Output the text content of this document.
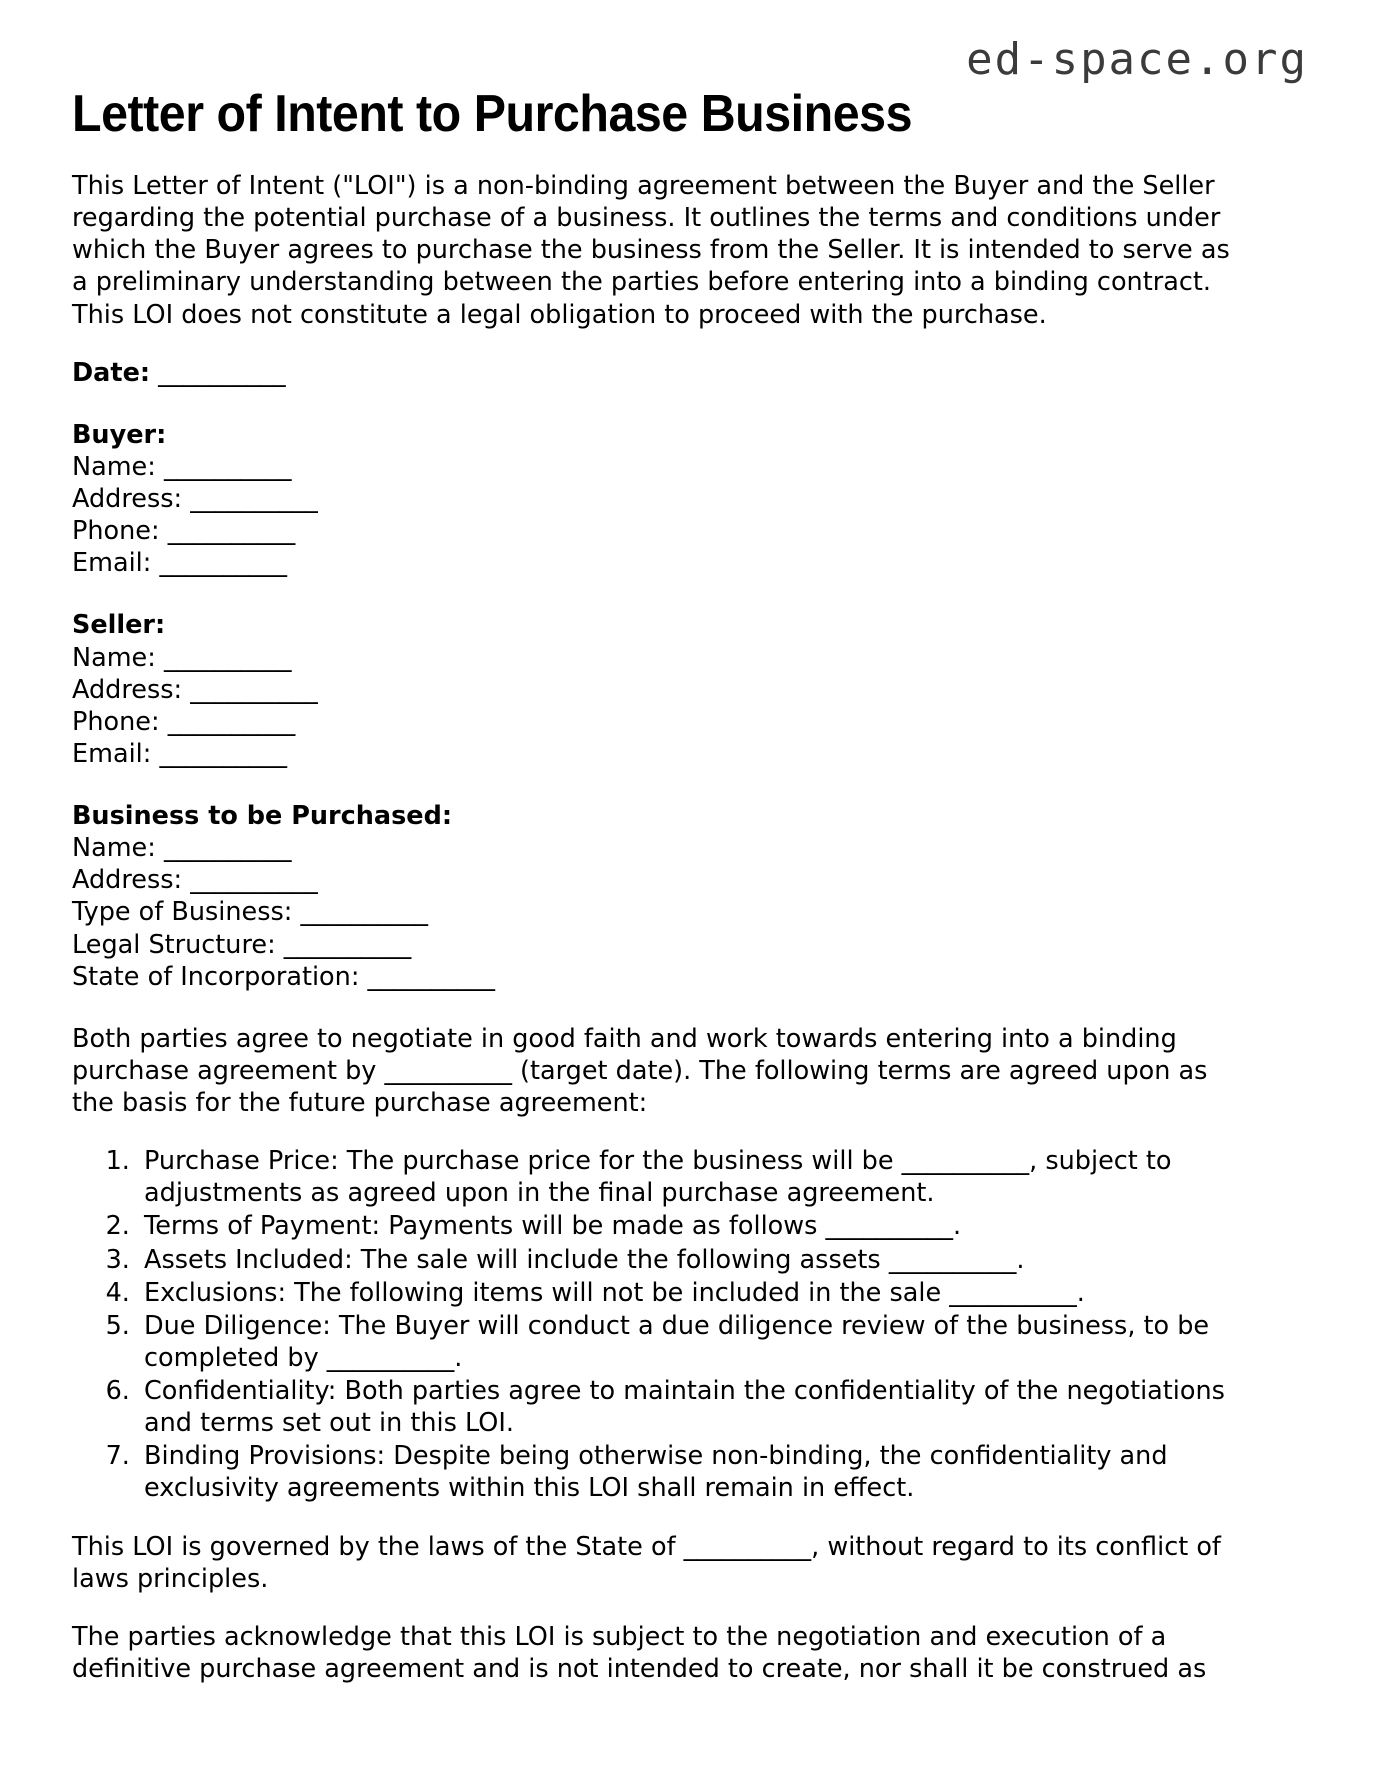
ed-space.org
Letter of Intent to Purchase Business

This Letter of Intent ("LOI") is a non-binding agreement between the Buyer and the Seller regarding the potential purchase of a business. It outlines the terms and conditions under which the Buyer agrees to purchase the business from the Seller. It is intended to serve as a preliminary understanding between the parties before entering into a binding contract. This LOI does not constitute a legal obligation to proceed with the purchase.

Date: __________

Buyer:

Name: __________

Address: __________

Phone: __________

Email: __________

Seller:

Name: __________

Address: __________

Phone: __________

Email: __________

Business to be Purchased:

Name: __________

Address: __________

Type of Business: __________

Legal Structure: __________

State of Incorporation: __________

Both parties agree to negotiate in good faith and work towards entering into a binding purchase agreement by __________ (target date). The following terms are agreed upon as the basis for the future purchase agreement:

1. Purchase Price: The purchase price for the business will be __________, subject to adjustments as agreed upon in the final purchase agreement.
2. Terms of Payment: Payments will be made as follows __________.
3. Assets Included: The sale will include the following assets __________.
4. Exclusions: The following items will not be included in the sale __________.
5. Due Diligence: The Buyer will conduct a due diligence review of the business, to be completed by __________.
6. Confidentiality: Both parties agree to maintain the confidentiality of the negotiations and terms set out in this LOI.
7. Binding Provisions: Despite being otherwise non-binding, the confidentiality and exclusivity agreements within this LOI shall remain in effect.

This LOI is governed by the laws of the State of __________, without regard to its conflict of laws principles.

The parties acknowledge that this LOI is subject to the negotiation and execution of a definitive purchase agreement and is not intended to create, nor shall it be construed as
